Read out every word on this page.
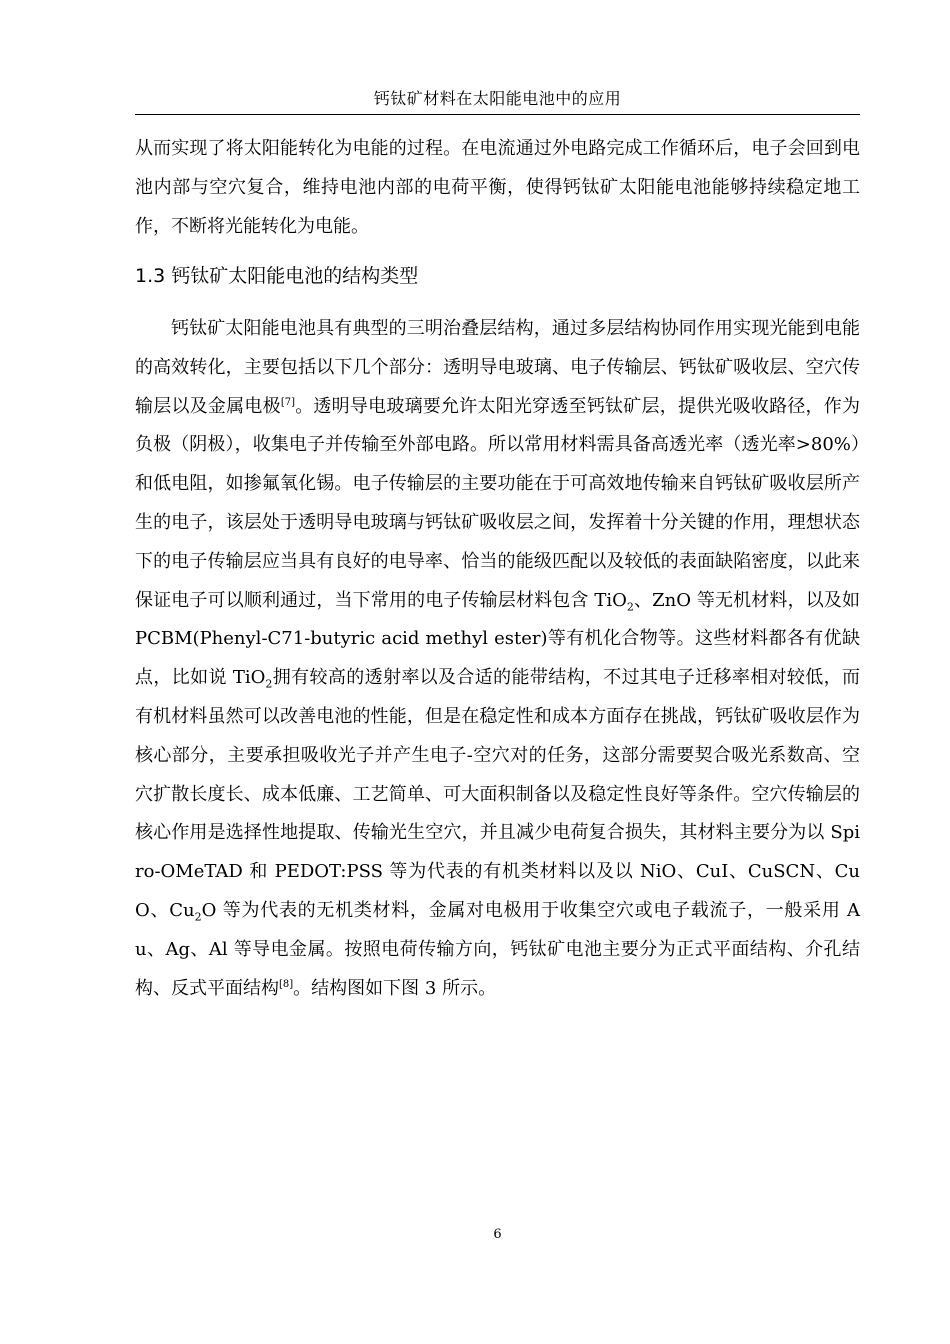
钙钛矿材料在太阳能电池中的应用

从而实现了将太阳能转化为电能的过程。在电流通过外电路完成工作循环后，电子会回到电池内部与空穴复合，维持电池内部的电荷平衡，使得钙钛矿太阳能电池能够持续稳定地工作，不断将光能转化为电能。

1.3 钙钛矿太阳能电池的结构类型

钙钛矿太阳能电池具有典型的三明治叠层结构，通过多层结构协同作用实现光能到电能的高效转化，主要包括以下几个部分：透明导电玻璃、电子传输层、钙钛矿吸收层、空穴传输层以及金属电极[7]。透明导电玻璃要允许太阳光穿透至钙钛矿层，提供光吸收路径，作为负极（阴极），收集电子并传输至外部电路。所以常用材料需具备高透光率（透光率>80%）和低电阻，如掺氟氧化锡。电子传输层的主要功能在于可高效地传输来自钙钛矿吸收层所产生的电子，该层处于透明导电玻璃与钙钛矿吸收层之间，发挥着十分关键的作用，理想状态下的电子传输层应当具有良好的电导率、恰当的能级匹配以及较低的表面缺陷密度，以此来保证电子可以顺利通过，当下常用的电子传输层材料包含 TiO$_2$、ZnO 等无机材料，以及如 PCBM(Phenyl-C71-butyric acid methyl ester)等有机化合物等。这些材料都各有优缺点，比如说 TiO$_2$拥有较高的透射率以及合适的能带结构，不过其电子迁移率相对较低，而有机材料虽然可以改善电池的性能，但是在稳定性和成本方面存在挑战，钙钛矿吸收层作为核心部分，主要承担吸收光子并产生电子-空穴对的任务，这部分需要契合吸光系数高、空穴扩散长度长、成本低廉、工艺简单、可大面积制备以及稳定性良好等条件。空穴传输层的核心作用是选择性地提取、传输光生空穴，并且减少电荷复合损失，其材料主要分为以 Spiro-OMeTAD 和 PEDOT:PSS 等为代表的有机类材料以及以 NiO、CuI、CuSCN、CuO、$Cu_2O$ 等为代表的无机类材料，金属对电极用于收集空穴或电子载流子，一般采用 Au、Ag、Al 等导电金属。按照电荷传输方向，钙钛矿电池主要分为正式平面结构、介孔结构、反式平面结构[8]。结构图如下图 3 所示。

6
